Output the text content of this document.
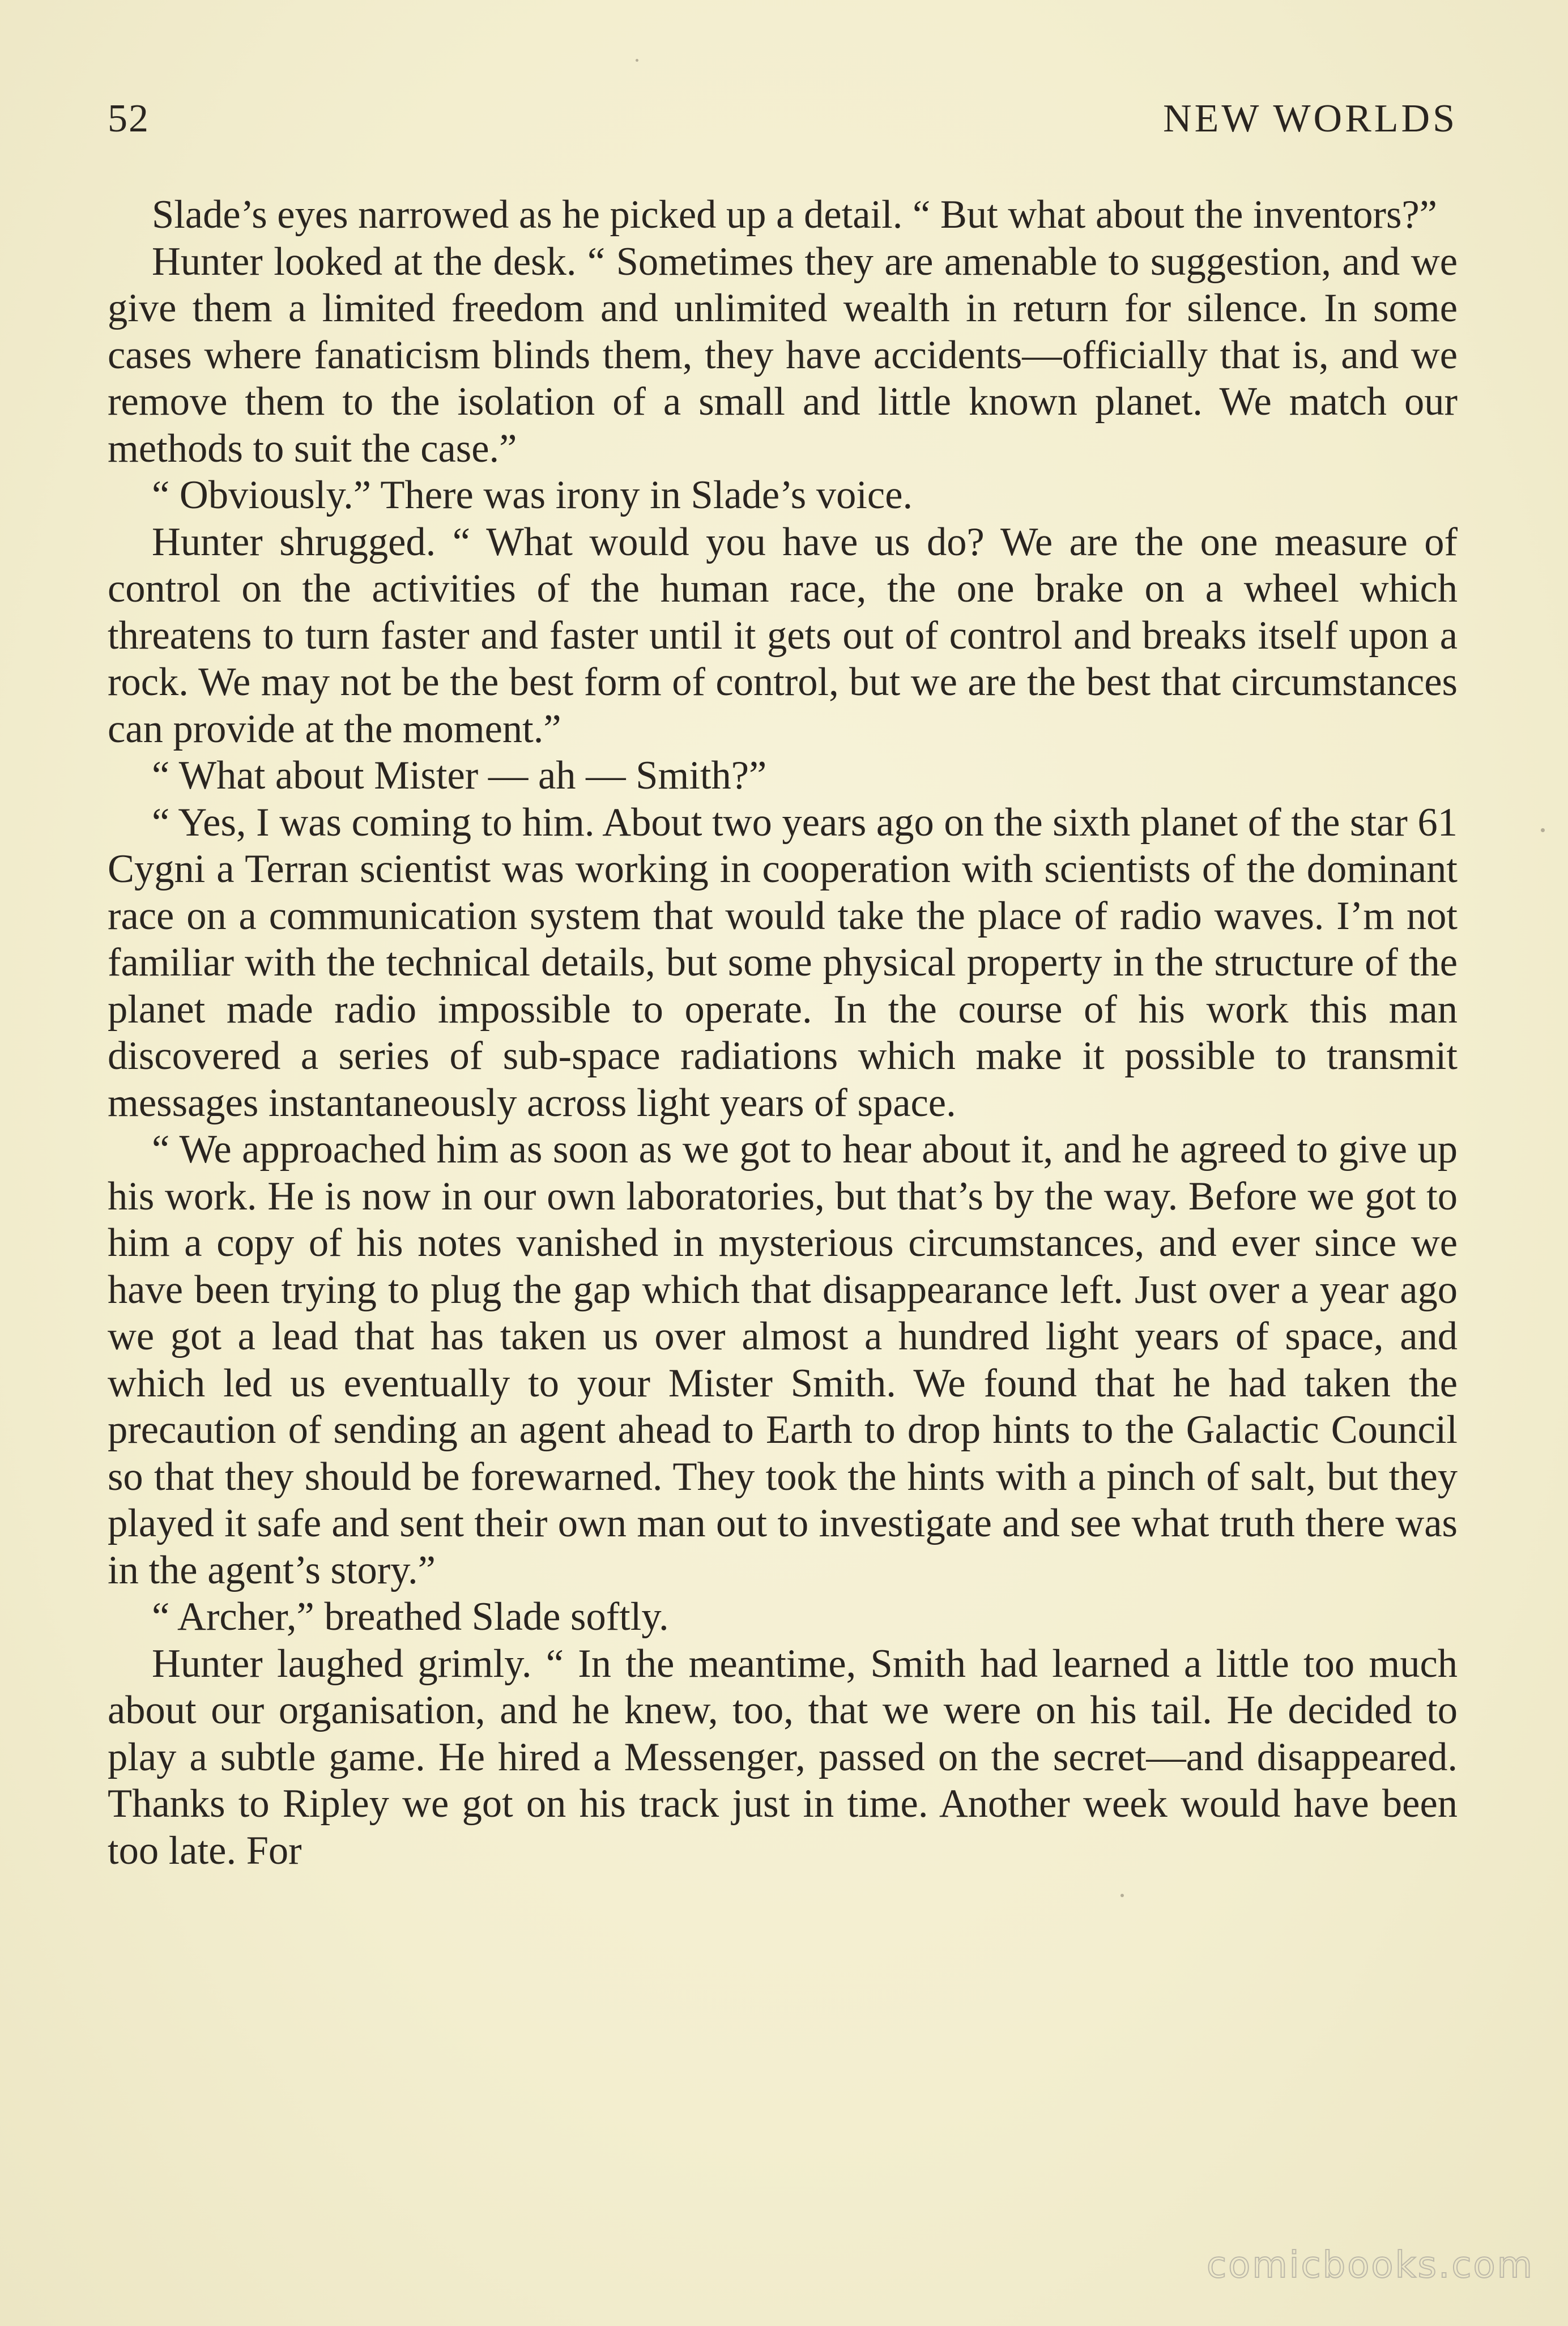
52	NEW WORLDS

Slade’s eyes narrowed as he picked up a detail. “ But what about the inventors?”

Hunter looked at the desk. “ Sometimes they are amenable to suggestion, and we give them a limited freedom and unlimited wealth in return for silence. In some cases where fanaticism blinds them, they have accidents—officially that is, and we remove them to the isolation of a small and little known planet. We match our methods to suit the case.”

“ Obviously.” There was irony in Slade’s voice.

Hunter shrugged. “ What would you have us do? We are the one measure of control on the activities of the human race, the one brake on a wheel which threatens to turn faster and faster until it gets out of control and breaks itself upon a rock. We may not be the best form of control, but we are the best that circumstances can provide at the moment.”

“ What about Mister — ah — Smith?”

“ Yes, I was coming to him. About two years ago on the sixth planet of the star 61 Cygni a Terran scientist was working in cooperation with scientists of the dominant race on a communication system that would take the place of radio waves. I’m not familiar with the technical details, but some physical property in the structure of the planet made radio impossible to operate. In the course of his work this man discovered a series of sub-space radiations which make it possible to transmit messages instantaneously across light years of space.

“ We approached him as soon as we got to hear about it, and he agreed to give up his work. He is now in our own laboratories, but that’s by the way. Before we got to him a copy of his notes vanished in mysterious circumstances, and ever since we have been trying to plug the gap which that disappearance left. Just over a year ago we got a lead that has taken us over almost a hundred light years of space, and which led us eventually to your Mister Smith. We found that he had taken the precaution of sending an agent ahead to Earth to drop hints to the Galactic Council so that they should be forewarned. They took the hints with a pinch of salt, but they played it safe and sent their own man out to investigate and see what truth there was in the agent’s story.”

“ Archer,” breathed Slade softly.

Hunter laughed grimly. “ In the meantime, Smith had learned a little too much about our organisation, and he knew, too, that we were on his tail. He decided to play a subtle game. He hired a Messenger, passed on the secret—and disappeared. Thanks to Ripley we got on his track just in time. Another week would have been too late. For

comicbooks.com
